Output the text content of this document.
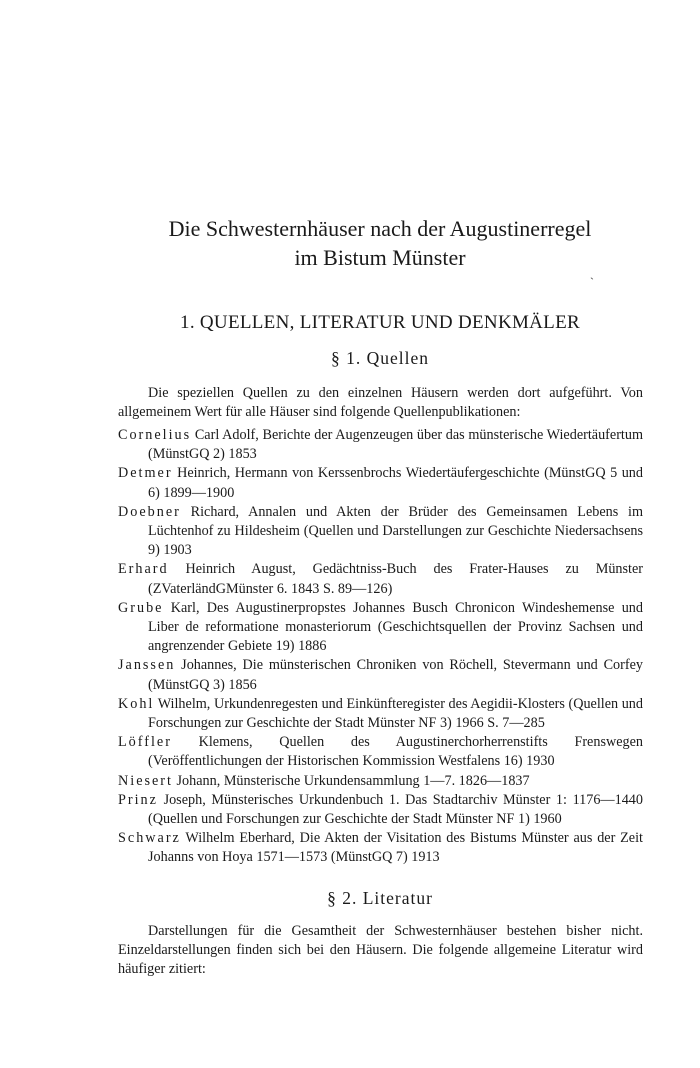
Die Schwesternhäuser nach der Augustinerregel
im Bistum Münster
`
1. QUELLEN, LITERATUR UND DENKMÄLER
§ 1. Quellen

Die speziellen Quellen zu den einzelnen Häusern werden dort aufgeführt. Von allgemeinem Wert für alle Häuser sind folgende Quellenpublikationen:

Cornelius Carl Adolf, Berichte der Augenzeugen über das münsterische Wiedertäufertum (MünstGQ 2) 1853

Detmer Heinrich, Hermann von Kerssenbrochs Wiedertäufergeschichte (MünstGQ 5 und 6) 1899—1900

Doebner Richard, Annalen und Akten der Brüder des Gemeinsamen Lebens im Lüchtenhof zu Hildesheim (Quellen und Darstellungen zur Geschichte Niedersachsens 9) 1903

Erhard Heinrich August, Gedächtniss-Buch des Frater-Hauses zu Münster (ZVaterländGMünster 6. 1843 S. 89—126)

Grube Karl, Des Augustinerpropstes Johannes Busch Chronicon Windeshemense und Liber de reformatione monasteriorum (Geschichtsquellen der Provinz Sachsen und angrenzender Gebiete 19) 1886

Janssen Johannes, Die münsterischen Chroniken von Röchell, Stevermann und Corfey (MünstGQ 3) 1856

Kohl Wilhelm, Urkundenregesten und Einkünfteregister des Aegidii-Klosters (Quellen und Forschungen zur Geschichte der Stadt Münster NF 3) 1966 S. 7—285

Löffler Klemens, Quellen des Augustinerchorherrenstifts Frenswegen (Veröffentlichungen der Historischen Kommission Westfalens 16) 1930

Niesert Johann, Münsterische Urkundensammlung 1—7. 1826—1837

Prinz Joseph, Münsterisches Urkundenbuch 1. Das Stadtarchiv Münster 1: 1176—1440 (Quellen und Forschungen zur Geschichte der Stadt Münster NF 1) 1960

Schwarz Wilhelm Eberhard, Die Akten der Visitation des Bistums Münster aus der Zeit Johanns von Hoya 1571—1573 (MünstGQ 7) 1913

§ 2. Literatur

Darstellungen für die Gesamtheit der Schwesternhäuser bestehen bisher nicht. Einzeldarstellungen finden sich bei den Häusern. Die folgende allgemeine Literatur wird häufiger zitiert:
